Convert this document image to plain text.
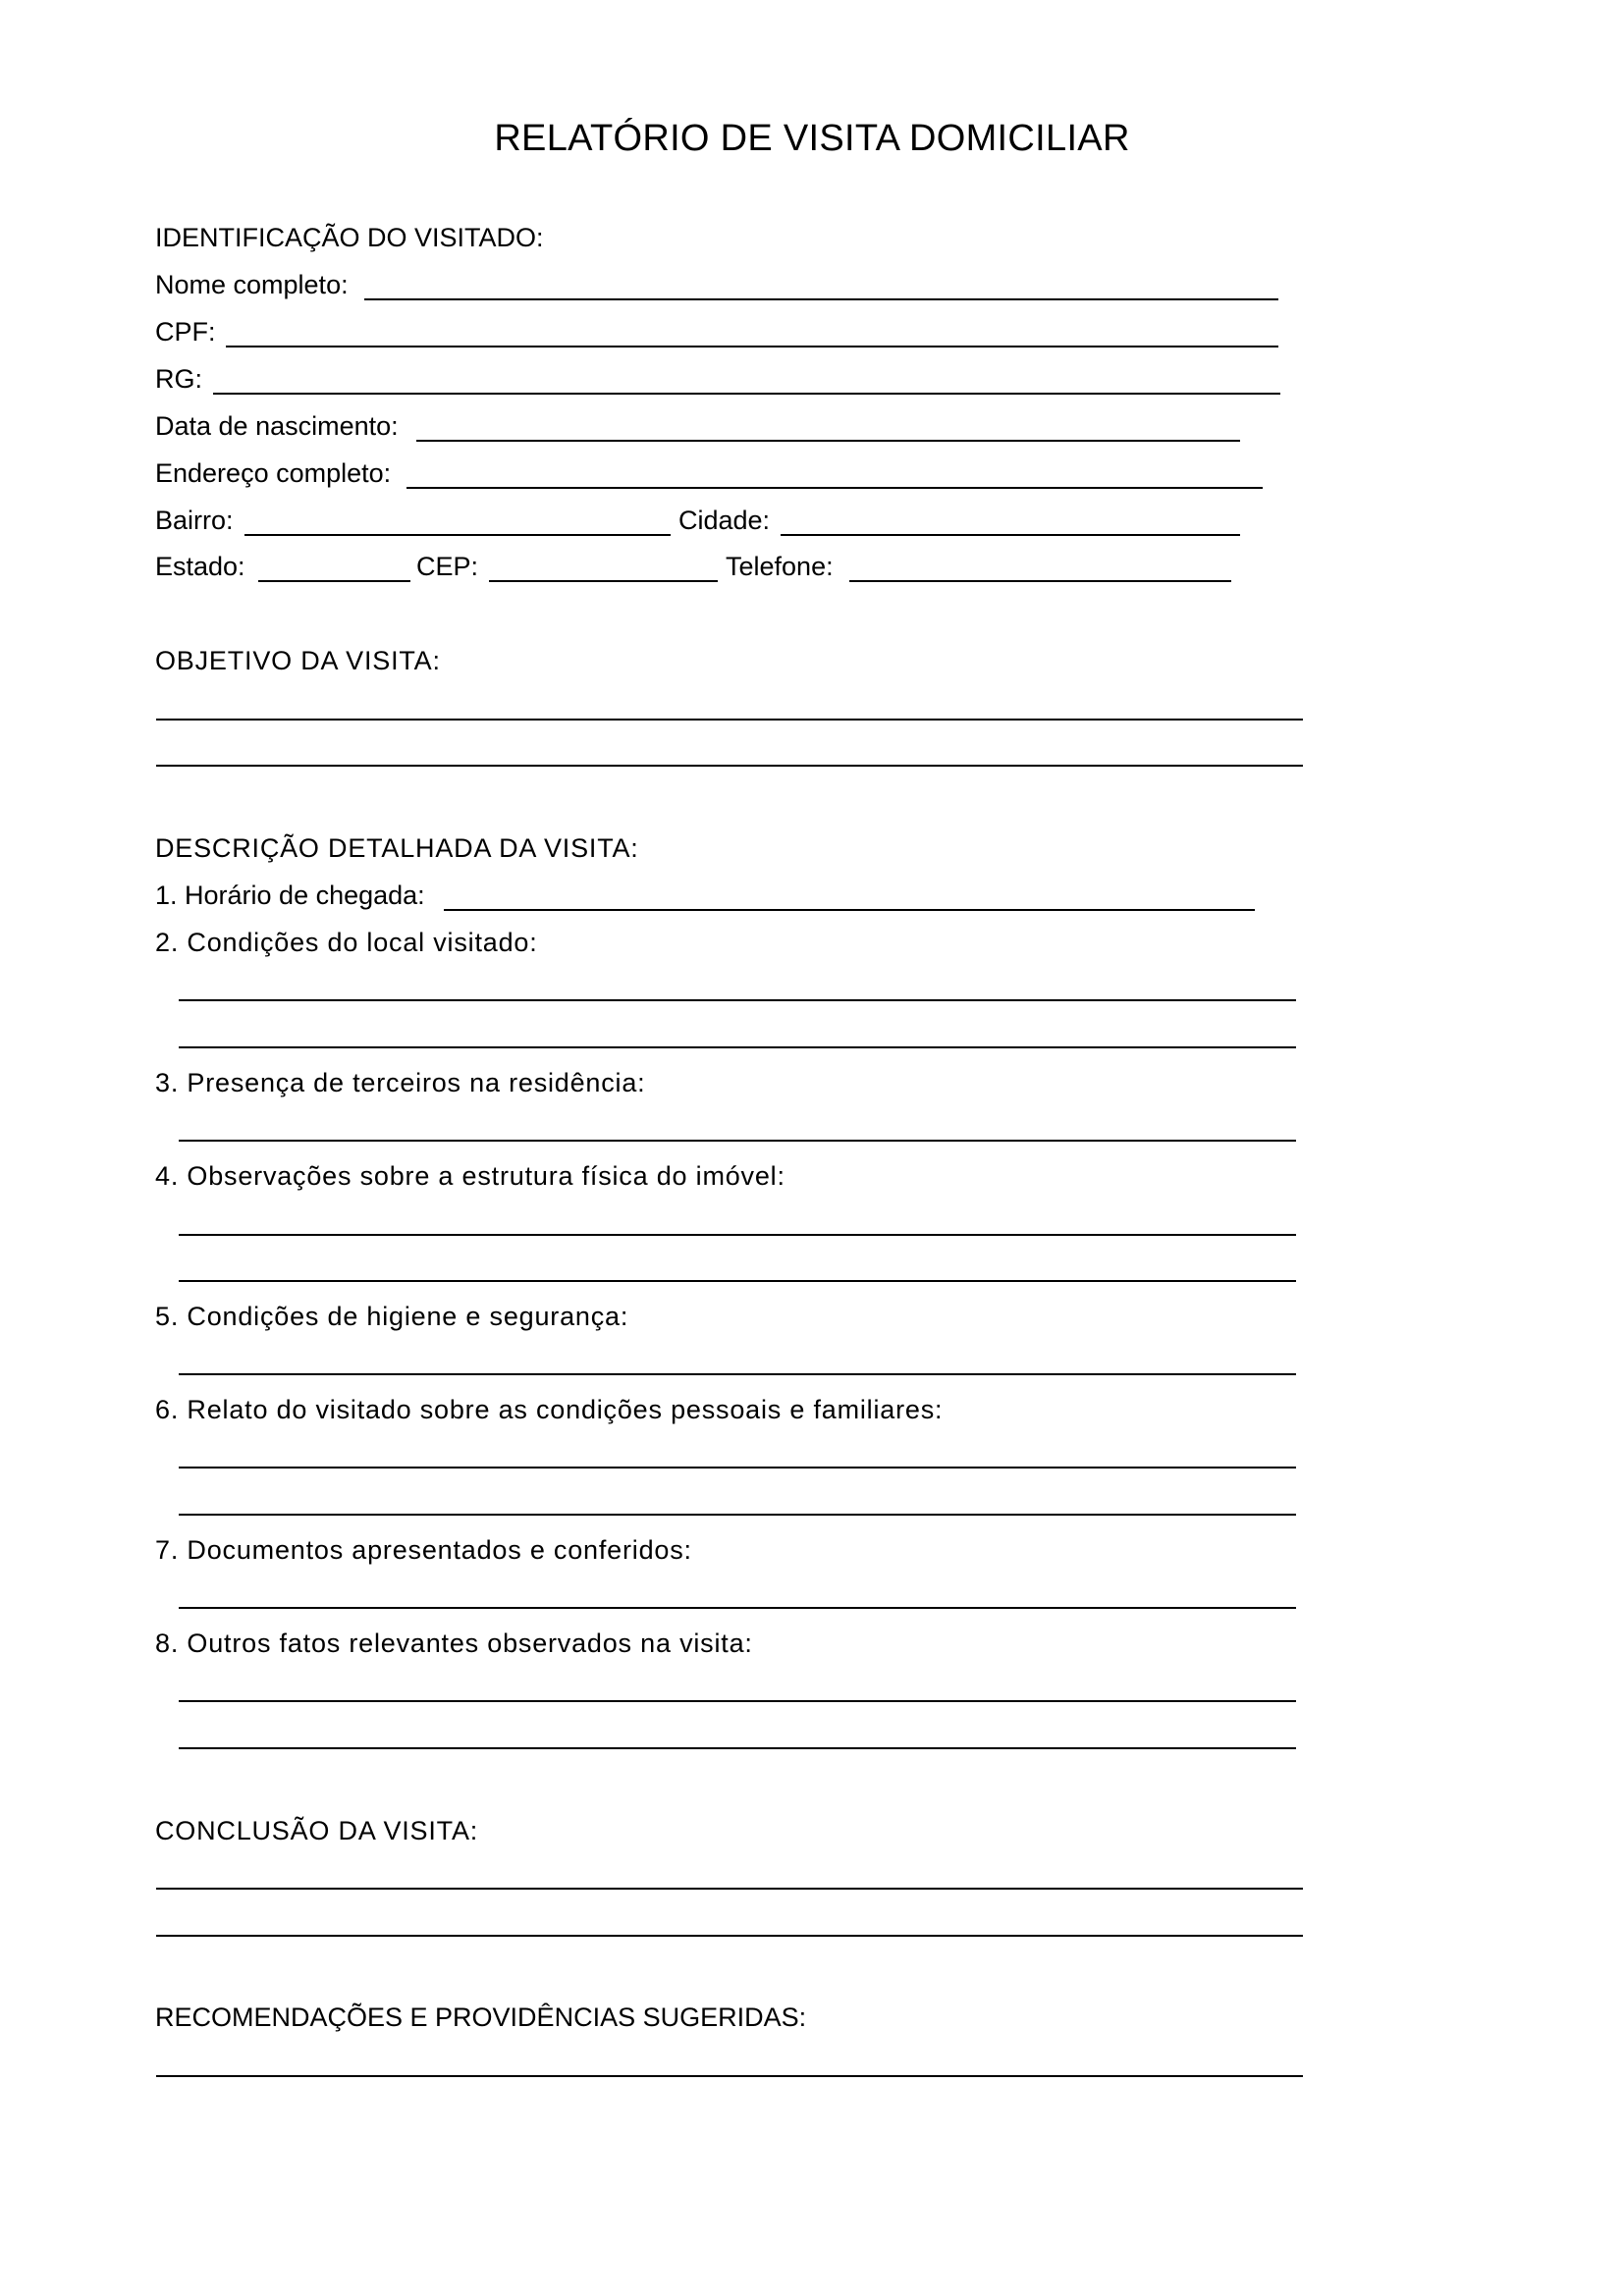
RELATÓRIO DE VISITA DOMICILIAR
IDENTIFICAÇÃO DO VISITADO:
Nome completo:
CPF:
RG:
Data de nascimento:
Endereço completo:
Bairro:	Cidade:
Estado:	CEP:	Telefone:
OBJETIVO DA VISITA:
DESCRIÇÃO DETALHADA DA VISITA:
1. Horário de chegada:
2. Condições do local visitado:
3. Presença de terceiros na residência:
4. Observações sobre a estrutura física do imóvel:
5. Condições de higiene e segurança:
6. Relato do visitado sobre as condições pessoais e familiares:
7. Documentos apresentados e conferidos:
8. Outros fatos relevantes observados na visita:
CONCLUSÃO DA VISITA:
RECOMENDAÇÕES E PROVIDÊNCIAS SUGERIDAS:
